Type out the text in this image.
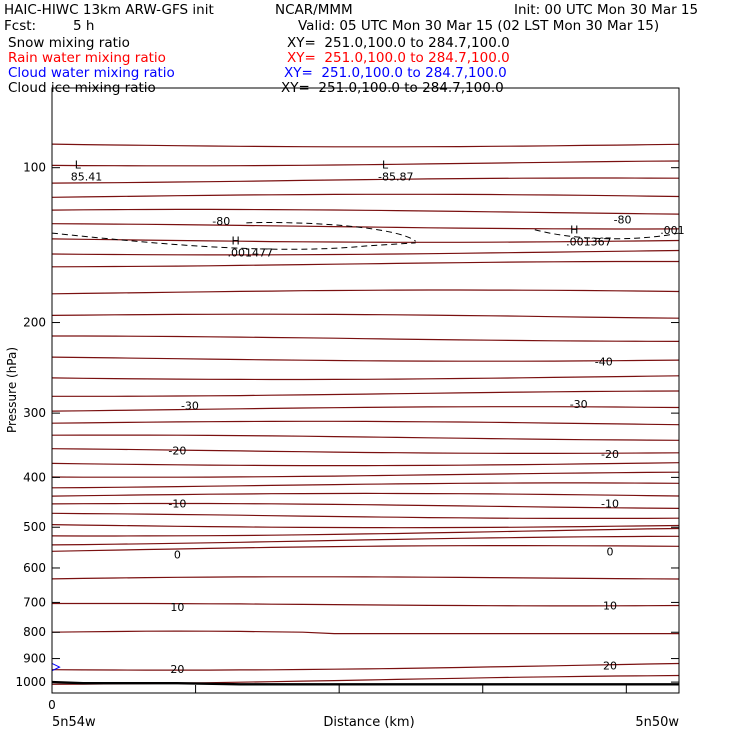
HAIC-HIWC 13km ARW-GFS init	NCAR/MMM	Init: 00 UTC Mon 30 Mar 15
Fcst:	5 h	Valid: 05 UTC Mon 30 Mar 15 (02 LST Mon 30 Mar 15)
Snow mixing ratio	XY=  251.0,100.0 to 284.7,100.0
Rain water mixing ratio	XY=  251.0,100.0 to 284.7,100.0
Cloud water mixing ratio	XY=  251.0,100.0 to 284.7,100.0
Cloud ice mixing ratio	XY=  251.0,100.0 to 284.7,100.0
100
200
300
400
500
600
700
800
900
1000
-80	-80
-40
-30	-30
-20	-20
-10	-10
0	0
10	10
20	20
L
85.41
L
-85.87
H
.001477
H
.001367
.001
Pressure (hPa)
Distance (km)
0
5n54w	5n50w
